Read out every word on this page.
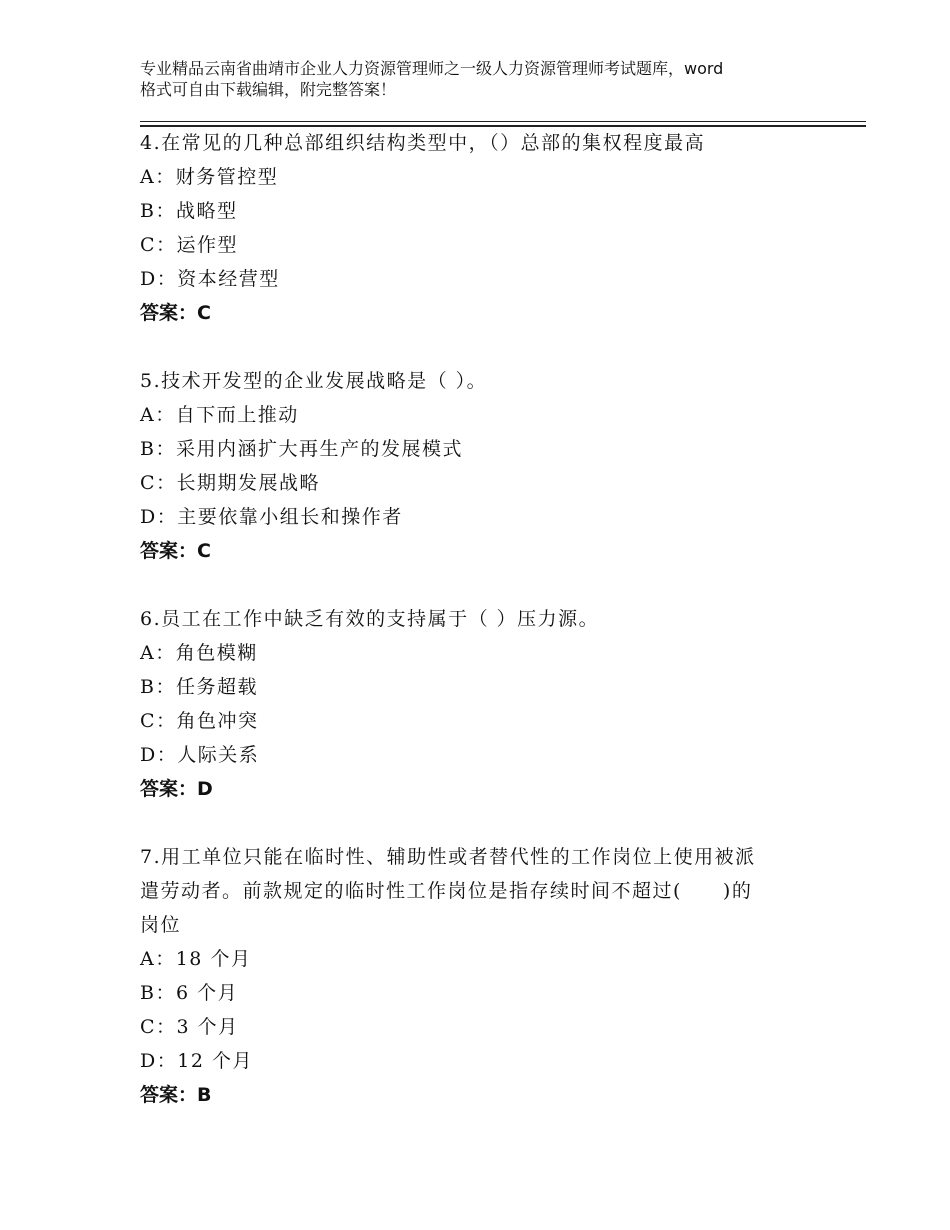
专业精品云南省曲靖市企业人力资源管理师之一级人力资源管理师考试题库，word
格式可自由下载编辑，附完整答案！
4.在常见的几种总部组织结构类型中，（）总部的集权程度最高
A：财务管控型
B：战略型
C：运作型
D：资本经营型
答案：C
5.技术开发型的企业发展战略是（ ）。
A：自下而上推动
B：采用内涵扩大再生产的发展模式
C：长期期发展战略
D：主要依靠小组长和操作者
答案：C
6.员工在工作中缺乏有效的支持属于（ ）压力源。
A：角色模糊
B：任务超载
C：角色冲突
D：人际关系
答案：D
7.用工单位只能在临时性、辅助性或者替代性的工作岗位上使用被派
遣劳动者。前款规定的临时性工作岗位是指存续时间不超过(　　)的
岗位
A：18 个月
B：6 个月
C：3 个月
D：12 个月
答案：B
